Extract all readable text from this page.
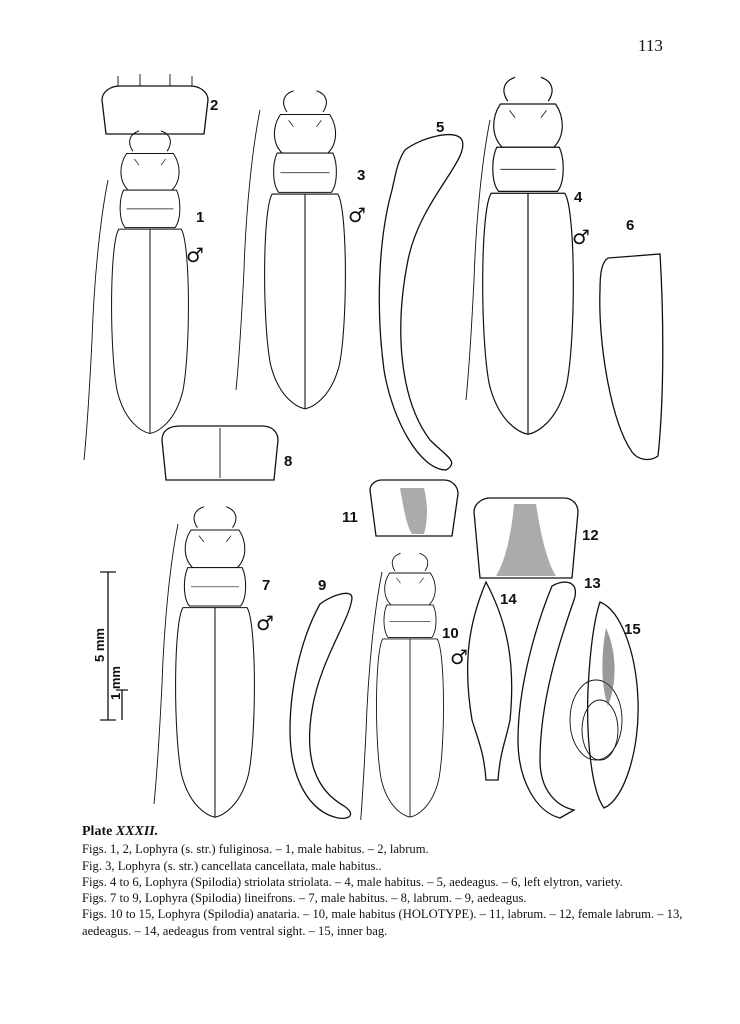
113
2
1
♂
3
♂
5
4
♂ 6
8
7
♂
5 mm
1 mm
9
11
10
♂
12
14
13
15
Plate XXXII.

Figs. 1, 2, Lophyra (s. str.) fuliginosa. – 1, male habitus. – 2, labrum.

Fig. 3, Lophyra (s. str.) cancellata cancellata, male habitus..

Figs. 4 to 6, Lophyra (Spilodia) striolata striolata. – 4, male habitus. – 5, aedeagus. – 6, left elytron, variety.

Figs. 7 to 9, Lophyra (Spilodia) lineifrons. – 7, male habitus. – 8, labrum. – 9, aedeagus.

Figs. 10 to 15, Lophyra (Spilodia) anataria. – 10, male habitus (HOLOTYPE). – 11, labrum. – 12, female labrum. – 13, aedeagus. – 14, aedeagus from ventral sight. – 15, inner bag.
